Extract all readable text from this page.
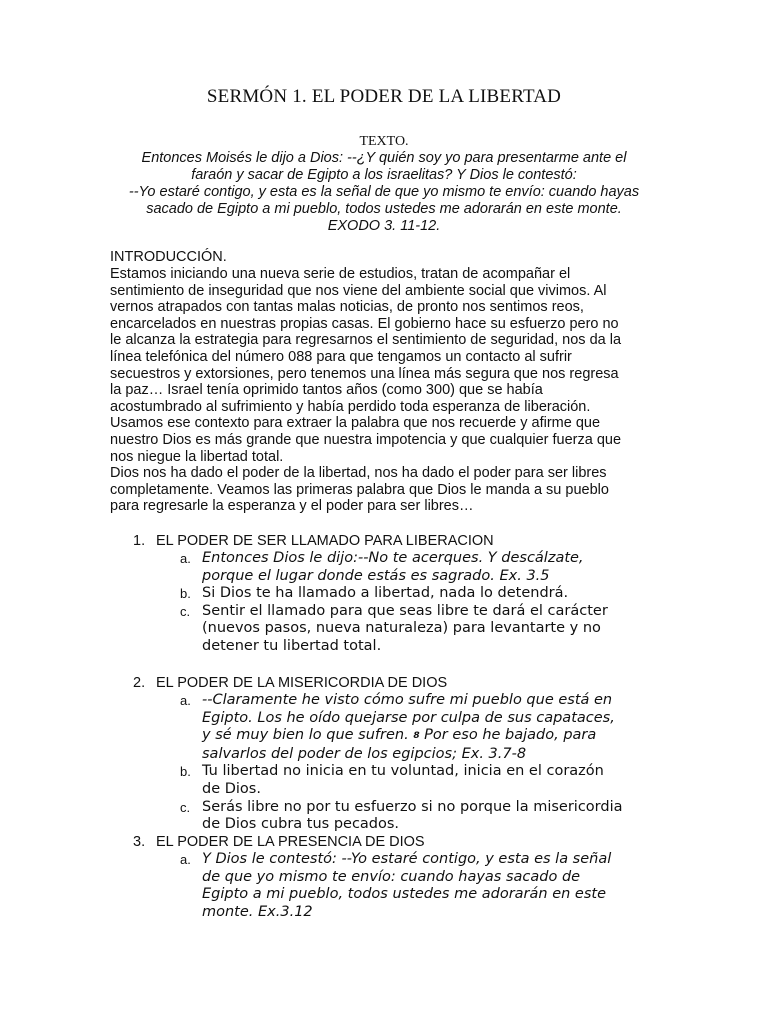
SERMÓN 1. EL PODER DE LA LIBERTAD
TEXTO.
Entonces Moisés le dijo a Dios: --¿Y quién soy yo para presentarme ante el
faraón y sacar de Egipto a los israelitas? Y Dios le contestó:
--Yo estaré contigo, y esta es la señal de que yo mismo te envío: cuando hayas
sacado de Egipto a mi pueblo, todos ustedes me adorarán en este monte.
EXODO 3. 11-12.

INTRODUCCIÓN.

Estamos iniciando una nueva serie de estudios, tratan de acompañar el

sentimiento de inseguridad que nos viene del ambiente social que vivimos. Al

vernos atrapados con tantas malas noticias, de pronto nos sentimos reos,

encarcelados en nuestras propias casas. El gobierno hace su esfuerzo pero no

le alcanza la estrategia para regresarnos el sentimiento de seguridad, nos da la

línea telefónica del número 088 para que tengamos un contacto al sufrir

secuestros y extorsiones, pero tenemos una línea más segura que nos regresa

la paz… Israel tenía oprimido tantos años (como 300) que se había

acostumbrado al sufrimiento y había perdido toda esperanza de liberación.

Usamos ese contexto para extraer la palabra que nos recuerde y afirme que

nuestro Dios es más grande que nuestra impotencia y que cualquier fuerza que

nos niegue la libertad total.

Dios nos ha dado el poder de la libertad, nos ha dado el poder para ser libres

completamente. Veamos las primeras palabra que Dios le manda a su pueblo

para regresarle la esperanza y el poder para ser libres…

1. EL PODER DE SER LLAMADO PARA LIBERACION
a. Entonces Dios le dijo:--No te acerques. Y descálzate,
porque el lugar donde estás es sagrado. Ex. 3.5
b. Si Dios te ha llamado a libertad, nada lo detendrá.
c. Sentir el llamado para que seas libre te dará el carácter
(nuevos pasos, nueva naturaleza) para levantarte y no
detener tu libertad total.
2. EL PODER DE LA MISERICORDIA DE DIOS
a. --Claramente he visto cómo sufre mi pueblo que está en
Egipto. Los he oído quejarse por culpa de sus capataces,
y sé muy bien lo que sufren. 8 Por eso he bajado, para
salvarlos del poder de los egipcios; Ex. 3.7-8
b. Tu libertad no inicia en tu voluntad, inicia en el corazón
de Dios.
c. Serás libre no por tu esfuerzo si no porque la misericordia
de Dios cubra tus pecados.
3. EL PODER DE LA PRESENCIA DE DIOS
a. Y Dios le contestó: --Yo estaré contigo, y esta es la señal
de que yo mismo te envío: cuando hayas sacado de
Egipto a mi pueblo, todos ustedes me adorarán en este
monte. Ex.3.12
